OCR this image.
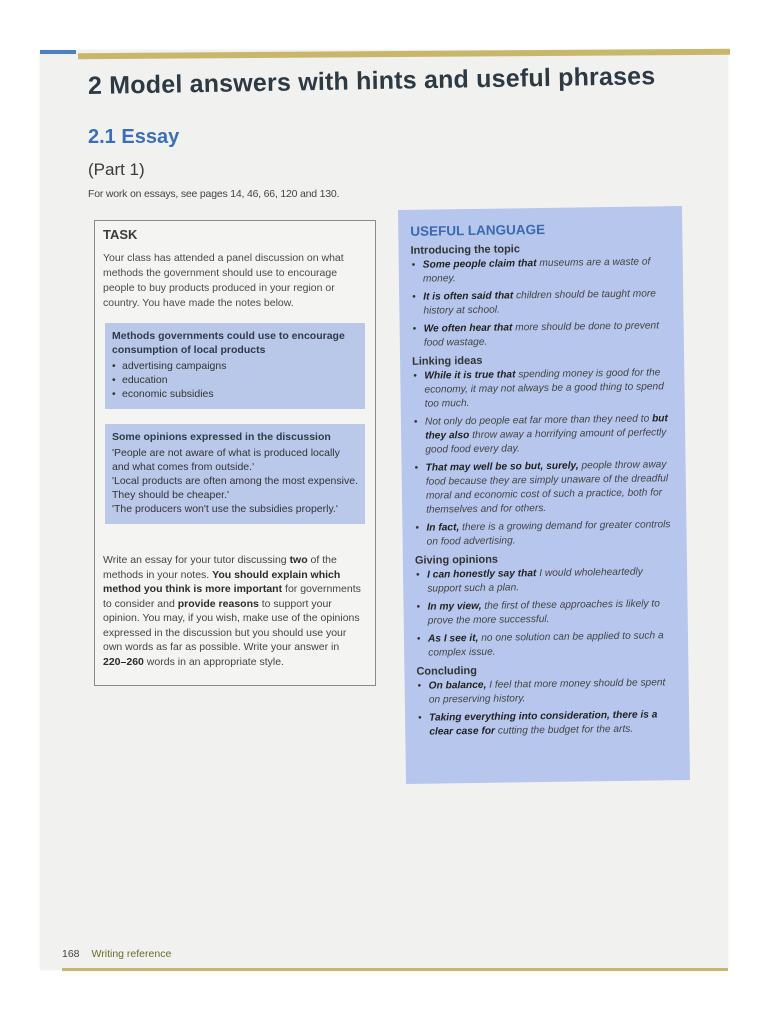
2 Model answers with hints and useful phrases
2.1 Essay
(Part 1)
For work on essays, see pages 14, 46, 66, 120 and 130.
TASK
Your class has attended a panel discussion on what methods the government should use to encourage people to buy products produced in your region or country. You have made the notes below.
Methods governments could use to encourage consumption of local products
• advertising campaigns
• education
• economic subsidies
Some opinions expressed in the discussion
'People are not aware of what is produced locally and what comes from outside.'
'Local products are often among the most expensive. They should be cheaper.'
'The producers won't use the subsidies properly.'
Write an essay for your tutor discussing two of the methods in your notes. You should explain which method you think is more important for governments to consider and provide reasons to support your opinion. You may, if you wish, make use of the opinions expressed in the discussion but you should use your own words as far as possible. Write your answer in 220–260 words in an appropriate style.
USEFUL LANGUAGE
Introducing the topic
• Some people claim that museums are a waste of money.
• It is often said that children should be taught more history at school.
• We often hear that more should be done to prevent food wastage.
Linking ideas
• While it is true that spending money is good for the economy, it may not always be a good thing to spend too much.
• Not only do people eat far more than they need to but they also throw away a horrifying amount of perfectly good food every day.
• That may well be so but, surely, people throw away food because they are simply unaware of the dreadful moral and economic cost of such a practice, both for themselves and for others.
• In fact, there is a growing demand for greater controls on food advertising.
Giving opinions
• I can honestly say that I would wholeheartedly support such a plan.
• In my view, the first of these approaches is likely to prove the more successful.
• As I see it, no one solution can be applied to such a complex issue.
Concluding
• On balance, I feel that more money should be spent on preserving history.
• Taking everything into consideration, there is a clear case for cutting the budget for the arts.
168 Writing reference
